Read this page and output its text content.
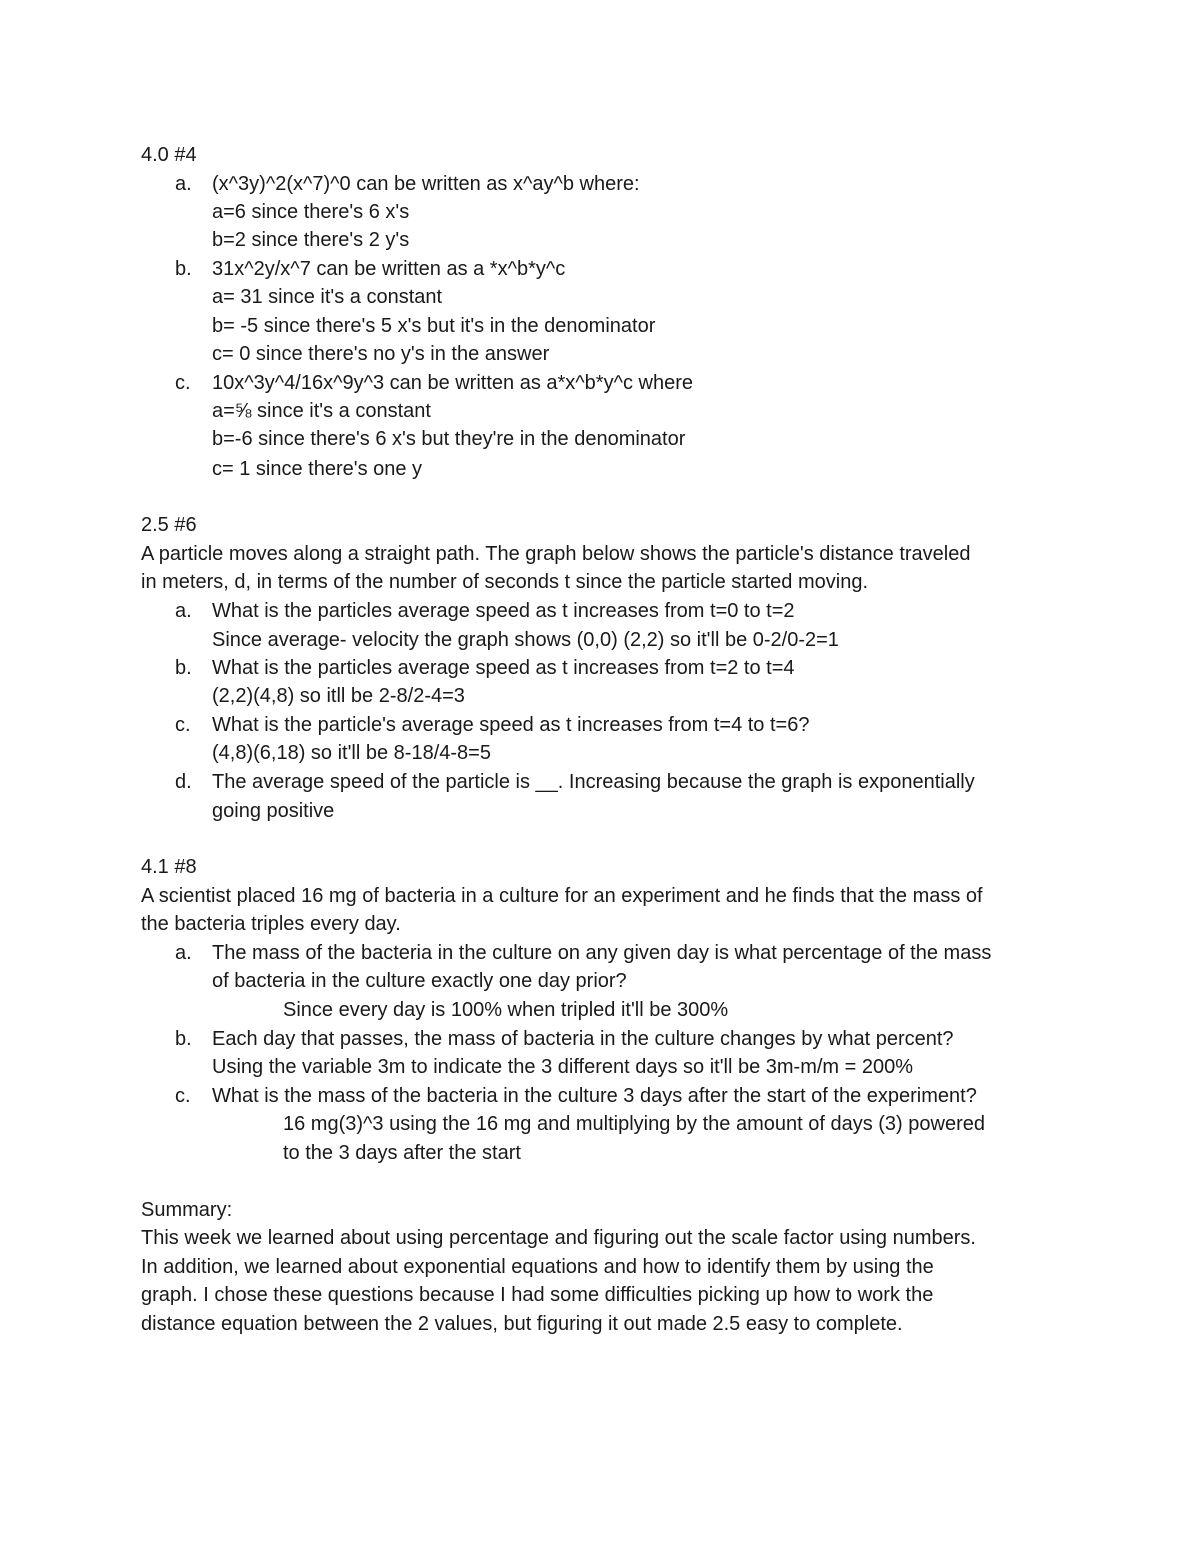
4.0 #4
a. (x^3y)^2(x^7)^0 can be written as x^ay^b where:
a=6 since there's 6 x's
b=2 since there's 2 y's
b. 31x^2y/x^7 can be written as a *x^b*y^c
a= 31 since it's a constant
b= -5 since there's 5 x's but it's in the denominator
c= 0 since there's no y's in the answer
c. 10x^3y^4/16x^9y^3 can be written as a*x^b*y^c where
a=⅝ since it's a constant
b=-6 since there's 6 x's but they're in the denominator
c= 1 since there's one y
2.5 #6
A particle moves along a straight path. The graph below shows the particle's distance traveled
in meters, d, in terms of the number of seconds t since the particle started moving.
a. What is the particles average speed as t increases from t=0 to t=2
Since average- velocity the graph shows (0,0) (2,2) so it'll be 0-2/0-2=1
b. What is the particles average speed as t increases from t=2 to t=4
(2,2)(4,8) so itll be 2-8/2-4=3
c. What is the particle's average speed as t increases from t=4 to t=6?
(4,8)(6,18) so it'll be 8-18/4-8=5
d. The average speed of the particle is __. Increasing because the graph is exponentially
going positive
4.1 #8
A scientist placed 16 mg of bacteria in a culture for an experiment and he finds that the mass of
the bacteria triples every day.
a. The mass of the bacteria in the culture on any given day is what percentage of the mass
of bacteria in the culture exactly one day prior?
Since every day is 100% when tripled it'll be 300%
b. Each day that passes, the mass of bacteria in the culture changes by what percent?
Using the variable 3m to indicate the 3 different days so it'll be 3m-m/m = 200%
c. What is the mass of the bacteria in the culture 3 days after the start of the experiment?
16 mg(3)^3 using the 16 mg and multiplying by the amount of days (3) powered
to the 3 days after the start
Summary:
This week we learned about using percentage and figuring out the scale factor using numbers.
In addition, we learned about exponential equations and how to identify them by using the
graph. I chose these questions because I had some difficulties picking up how to work the
distance equation between the 2 values, but figuring it out made 2.5 easy to complete.
